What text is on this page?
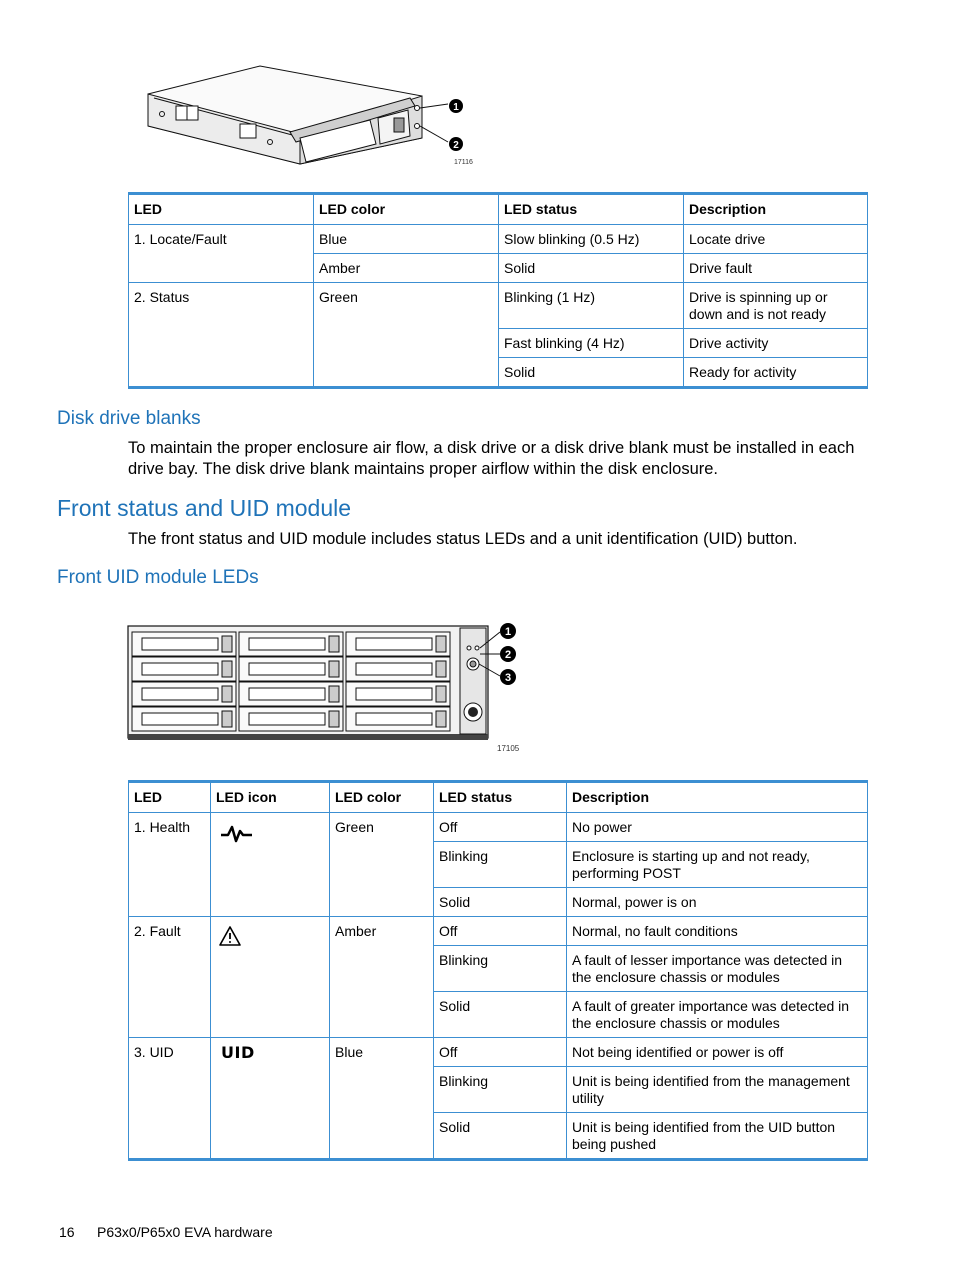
1
2
17116
LED	LED color	LED status	Description
1. Locate/Fault	Blue	Slow blinking (0.5 Hz)	Locate drive
	Amber	Solid	Drive fault
2. Status	Green	Blinking (1 Hz)	Drive is spinning up or down and is not ready
		Fast blinking (4 Hz)	Drive activity
		Solid	Ready for activity
Disk drive blanks
To maintain the proper enclosure air flow, a disk drive or a disk drive blank must be installed in each drive bay. The disk drive blank maintains proper airflow within the disk enclosure.
Front status and UID module
The front status and UID module includes status LEDs and a unit identification (UID) button.
Front UID module LEDs
1
2
3
17105
LED	LED icon	LED color	LED status	Description
1. Health		Green	Off	No power
			Blinking	Enclosure is starting up and not ready, performing POST
			Solid	Normal, power is on
2. Fault		Amber	Off	Normal, no fault conditions
			Blinking	A fault of lesser importance was detected in the enclosure chassis or modules
			Solid	A fault of greater importance was detected in the enclosure chassis or modules
3. UID	UID	Blue	Off	Not being identified or power is off
			Blinking	Unit is being identified from the management utility
			Solid	Unit is being identified from the UID button being pushed
16 P63x0/P65x0 EVA hardware
